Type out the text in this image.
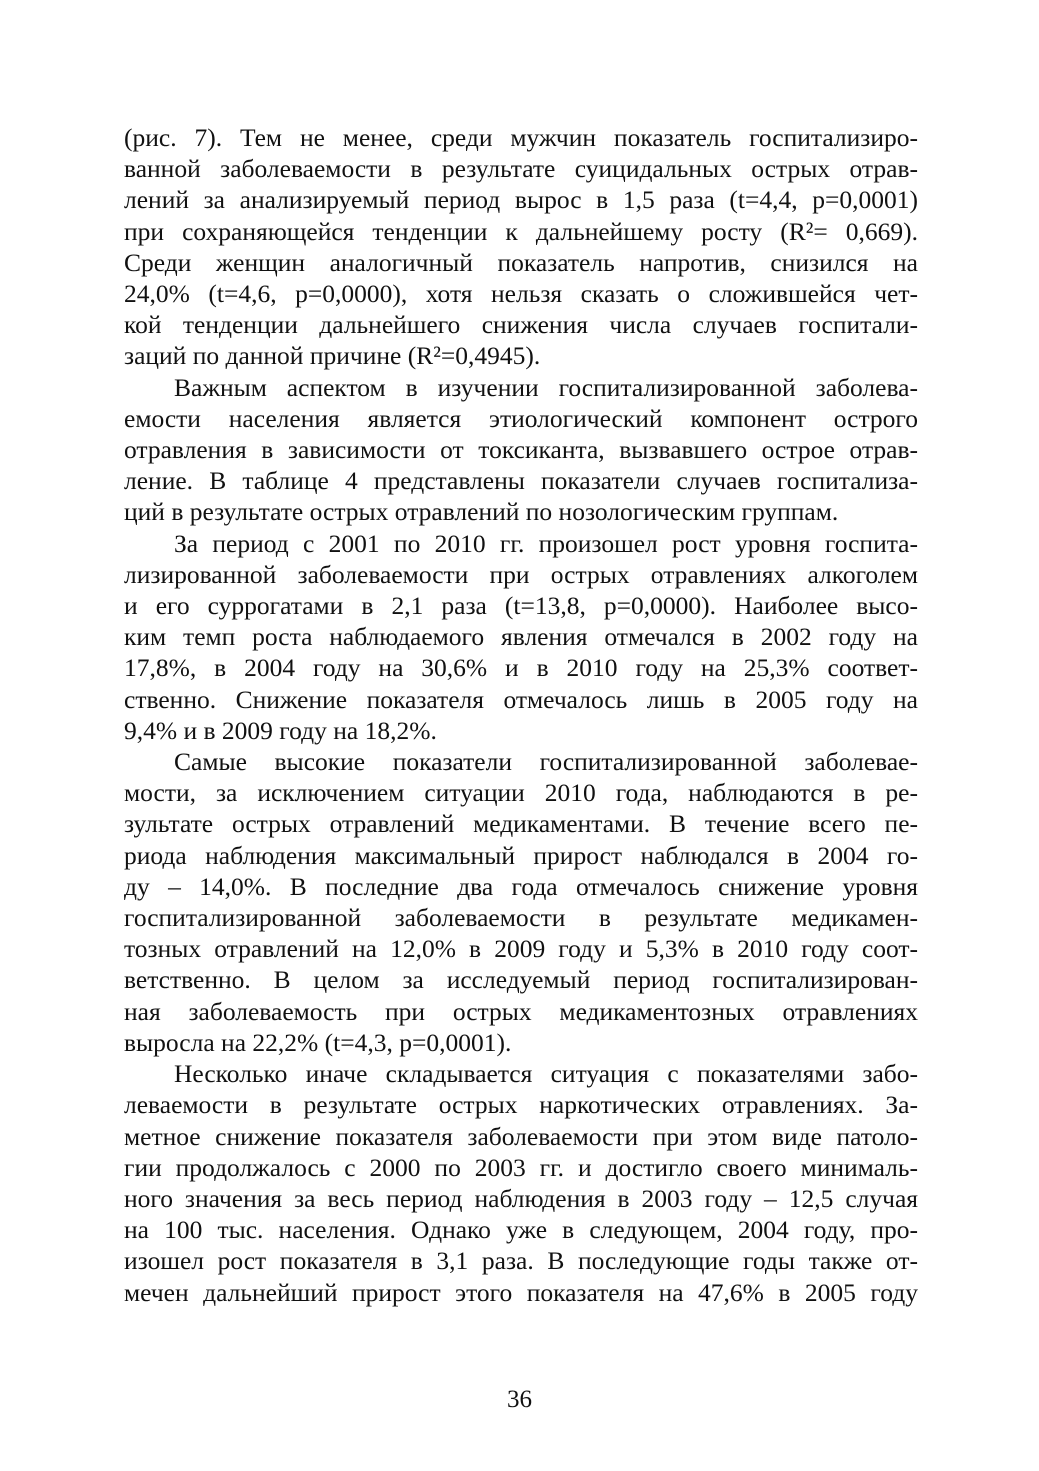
(рис. 7). Тем не менее, среди мужчин показатель госпитализиро-
ванной заболеваемости в результате суицидальных острых отрав-
лений за анализируемый период вырос в 1,5 раза (t=4,4, p=0,0001)
при сохраняющейся тенденции к дальнейшему росту (R²= 0,669).
Среди женщин аналогичный показатель напротив, снизился на
24,0% (t=4,6, p=0,0000), хотя нельзя сказать о сложившейся чет-
кой тенденции дальнейшего снижения числа случаев госпитали-
заций по данной причине (R²=0,4945).
Важным аспектом в изучении госпитализированной заболева-
емости населения является этиологический компонент острого
отравления в зависимости от токсиканта, вызвавшего острое отрав-
ление. В таблице 4 представлены показатели случаев госпитализа-
ций в результате острых отравлений по нозологическим группам.
За период с 2001 по 2010 гг. произошел рост уровня госпита-
лизированной заболеваемости при острых отравлениях алкоголем
и его суррогатами в 2,1 раза (t=13,8, p=0,0000). Наиболее высо-
ким темп роста наблюдаемого явления отмечался в 2002 году на
17,8%, в 2004 году на 30,6% и в 2010 году на 25,3% соответ-
ственно. Снижение показателя отмечалось лишь в 2005 году на
9,4% и в 2009 году на 18,2%.
Самые высокие показатели госпитализированной заболевае-
мости, за исключением ситуации 2010 года, наблюдаются в ре-
зультате острых отравлений медикаментами. В течение всего пе-
риода наблюдения максимальный прирост наблюдался в 2004 го-
ду – 14,0%. В последние два года отмечалось снижение уровня
госпитализированной заболеваемости в результате медикамен-
тозных отравлений на 12,0% в 2009 году и 5,3% в 2010 году соот-
ветственно. В целом за исследуемый период госпитализирован-
ная заболеваемость при острых медикаментозных отравлениях
выросла на 22,2% (t=4,3, p=0,0001).
Несколько иначе складывается ситуация с показателями забо-
леваемости в результате острых наркотических отравлениях. За-
метное снижение показателя заболеваемости при этом виде патоло-
гии продолжалось с 2000 по 2003 гг. и достигло своего минималь-
ного значения за весь период наблюдения в 2003 году – 12,5 случая
на 100 тыс. населения. Однако уже в следующем, 2004 году, про-
изошел рост показателя в 3,1 раза. В последующие годы также от-
мечен дальнейший прирост этого показателя на 47,6% в 2005 году
36
